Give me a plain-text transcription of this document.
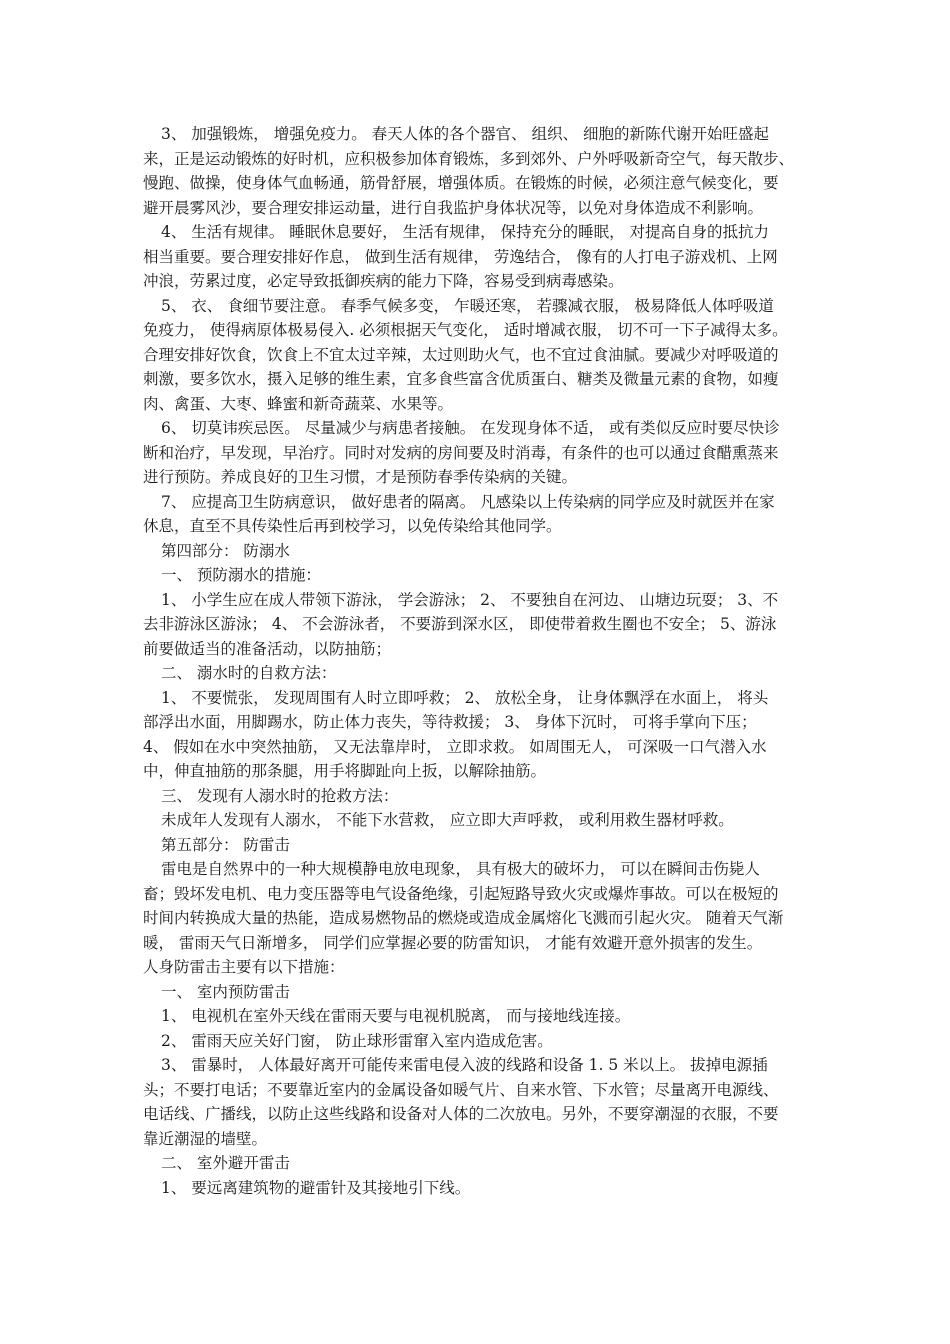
3、 加强锻炼， 增强免疫力。 春天人体的各个器官、 组织、 细胞的新陈代谢开始旺盛起
来，正是运动锻炼的好时机，应积极参加体育锻炼，多到郊外、户外呼吸新奇空气，每天散步、
慢跑、做操，使身体气血畅通，筋骨舒展，增强体质。在锻炼的时候，必须注意气候变化，要
避开晨雾风沙，要合理安排运动量，进行自我监护身体状况等，以免对身体造成不利影响。
4、 生活有规律。 睡眠休息要好， 生活有规律， 保持充分的睡眠， 对提高自身的抵抗力
相当重要。要合理安排好作息， 做到生活有规律， 劳逸结合， 像有的人打电子游戏机、上网
冲浪，劳累过度，必定导致抵御疾病的能力下降，容易受到病毒感染。
5、 衣、 食细节要注意。 春季气候多变， 乍暖还寒， 若骤减衣服， 极易降低人体呼吸道
免疫力， 使得病原体极易侵入. 必须根据天气变化， 适时增减衣服， 切不可一下子减得太多。
合理安排好饮食，饮食上不宜太过辛辣，太过则助火气，也不宜过食油腻。要减少对呼吸道的
刺激，要多饮水，摄入足够的维生素，宜多食些富含优质蛋白、糖类及微量元素的食物，如瘦
肉、禽蛋、大枣、蜂蜜和新奇蔬菜、水果等。
6、 切莫讳疾忌医。 尽量减少与病患者接触。 在发现身体不适， 或有类似反应时要尽快诊
断和治疗，早发现，早治疗。同时对发病的房间要及时消毒，有条件的也可以通过食醋熏蒸来
进行预防。养成良好的卫生习惯，才是预防春季传染病的关键。
7、 应提高卫生防病意识， 做好患者的隔离。 凡感染以上传染病的同学应及时就医并在家
休息，直至不具传染性后再到校学习，以免传染给其他同学。
第四部分： 防溺水
一、 预防溺水的措施：
1、 小学生应在成人带领下游泳， 学会游泳； 2、 不要独自在河边、 山塘边玩耍； 3、不
去非游泳区游泳； 4、 不会游泳者， 不要游到深水区， 即使带着救生圈也不安全； 5、游泳
前要做适当的准备活动，以防抽筋；
二、 溺水时的自救方法：
1、 不要慌张， 发现周围有人时立即呼救； 2、 放松全身， 让身体飘浮在水面上， 将头
部浮出水面，用脚踢水，防止体力丧失，等待救援； 3、 身体下沉时， 可将手掌向下压；
4、 假如在水中突然抽筋， 又无法靠岸时， 立即求救。 如周围无人， 可深吸一口气潜入水
中，伸直抽筋的那条腿，用手将脚趾向上扳，以解除抽筋。
三、 发现有人溺水时的抢救方法：
未成年人发现有人溺水， 不能下水营救， 应立即大声呼救， 或利用救生器材呼救。
第五部分： 防雷击
雷电是自然界中的一种大规模静电放电现象， 具有极大的破坏力， 可以在瞬间击伤毙人
畜；毁坏发电机、电力变压器等电气设备绝缘，引起短路导致火灾或爆炸事故。可以在极短的
时间内转换成大量的热能，造成易燃物品的燃烧或造成金属熔化飞溅而引起火灾。 随着天气渐
暖， 雷雨天气日渐增多， 同学们应掌握必要的防雷知识， 才能有效避开意外损害的发生。
人身防雷击主要有以下措施：
一、 室内预防雷击
1、 电视机在室外天线在雷雨天要与电视机脱离， 而与接地线连接。
2、 雷雨天应关好门窗， 防止球形雷窜入室内造成危害。
3、 雷暴时， 人体最好离开可能传来雷电侵入波的线路和设备 1. 5 米以上。 拔掉电源插
头；不要打电话；不要靠近室内的金属设备如暖气片、自来水管、下水管；尽量离开电源线、
电话线、广播线，以防止这些线路和设备对人体的二次放电。另外，不要穿潮湿的衣服，不要
靠近潮湿的墙壁。
二、 室外避开雷击
1、 要远离建筑物的避雷针及其接地引下线。
